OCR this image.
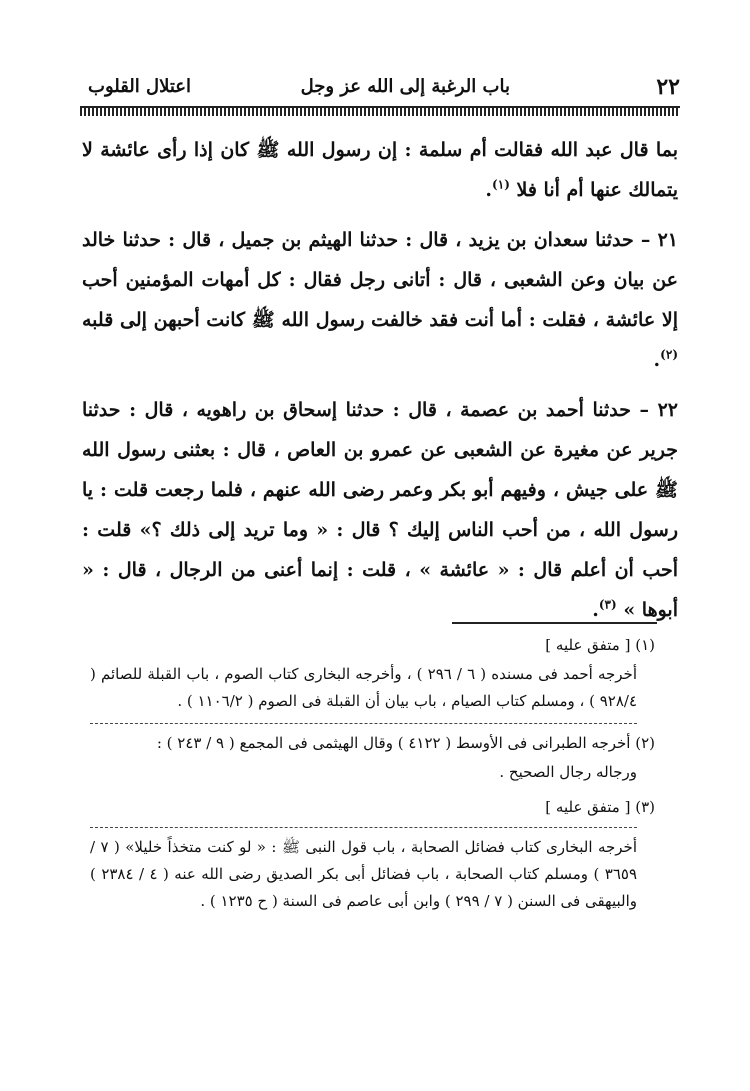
٢٢
باب الرغبة إلى الله عز وجل
اعتلال القلوب

بما قال عبد الله فقالت أم سلمة : إن رسول الله ﷺ كان إذا رأى عائشة لا يتمالك عنها أم أنا فلا $^{(١)}$.

٢١ – حدثنا سعدان بن يزيد ، قال : حدثنا الهيثم بن جميل ، قال : حدثنا خالد عن بيان وعن الشعبى ، قال : أتانى رجل فقال : كل أمهات المؤمنين أحب إلا عائشة ، فقلت : أما أنت فقد خالفت رسول الله ﷺ كانت أحبهن إلى قلبه $^{(٢)}$.

٢٢ – حدثنا أحمد بن عصمة ، قال : حدثنا إسحاق بن راهويه ، قال : حدثنا جرير عن مغيرة عن الشعبى عن عمرو بن العاص ، قال : بعثنى رسول الله ﷺ على جيش ، وفيهم أبو بكر وعمر رضى الله عنهم ، فلما رجعت قلت : يا رسول الله ، من أحب الناس إليك ؟ قال : « وما تريد إلى ذلك ؟» قلت : أحب أن أعلم قال : « عائشة » ، قلت : إنما أعنى من الرجال ، قال : « أبوها » $^{(٣)}$.

(١) [ متفق عليه ]
أخرجه أحمد فى مسنده ( ٦ / ٢٩٦ ) ، وأخرجه البخارى كتاب الصوم ، باب القبلة للصائم ( ٩٢٨/٤ ) ، ومسلم كتاب الصيام ، باب بيان أن القبلة فى الصوم ( ١١٠٦/٢ ) .
(٢) أخرجه الطبرانى فى الأوسط ( ٤١٢٢ ) وقال الهيثمى فى المجمع ( ٩ / ٢٤٣ ) :
ورجاله رجال الصحيح .
(٣) [ متفق عليه ]
أخرجه البخارى كتاب فضائل الصحابة ، باب قول النبى ﷺ : « لو كنت متخذاً خليلا» ( ٧ / ٣٦٥٩ ) ومسلم كتاب الصحابة ، باب فضائل أبى بكر الصديق رضى الله عنه ( ٤ / ٢٣٨٤ ) والبيهقى فى السنن ( ٧ / ٢٩٩ ) وابن أبى عاصم فى السنة ( ح ١٢٣٥ ) .
